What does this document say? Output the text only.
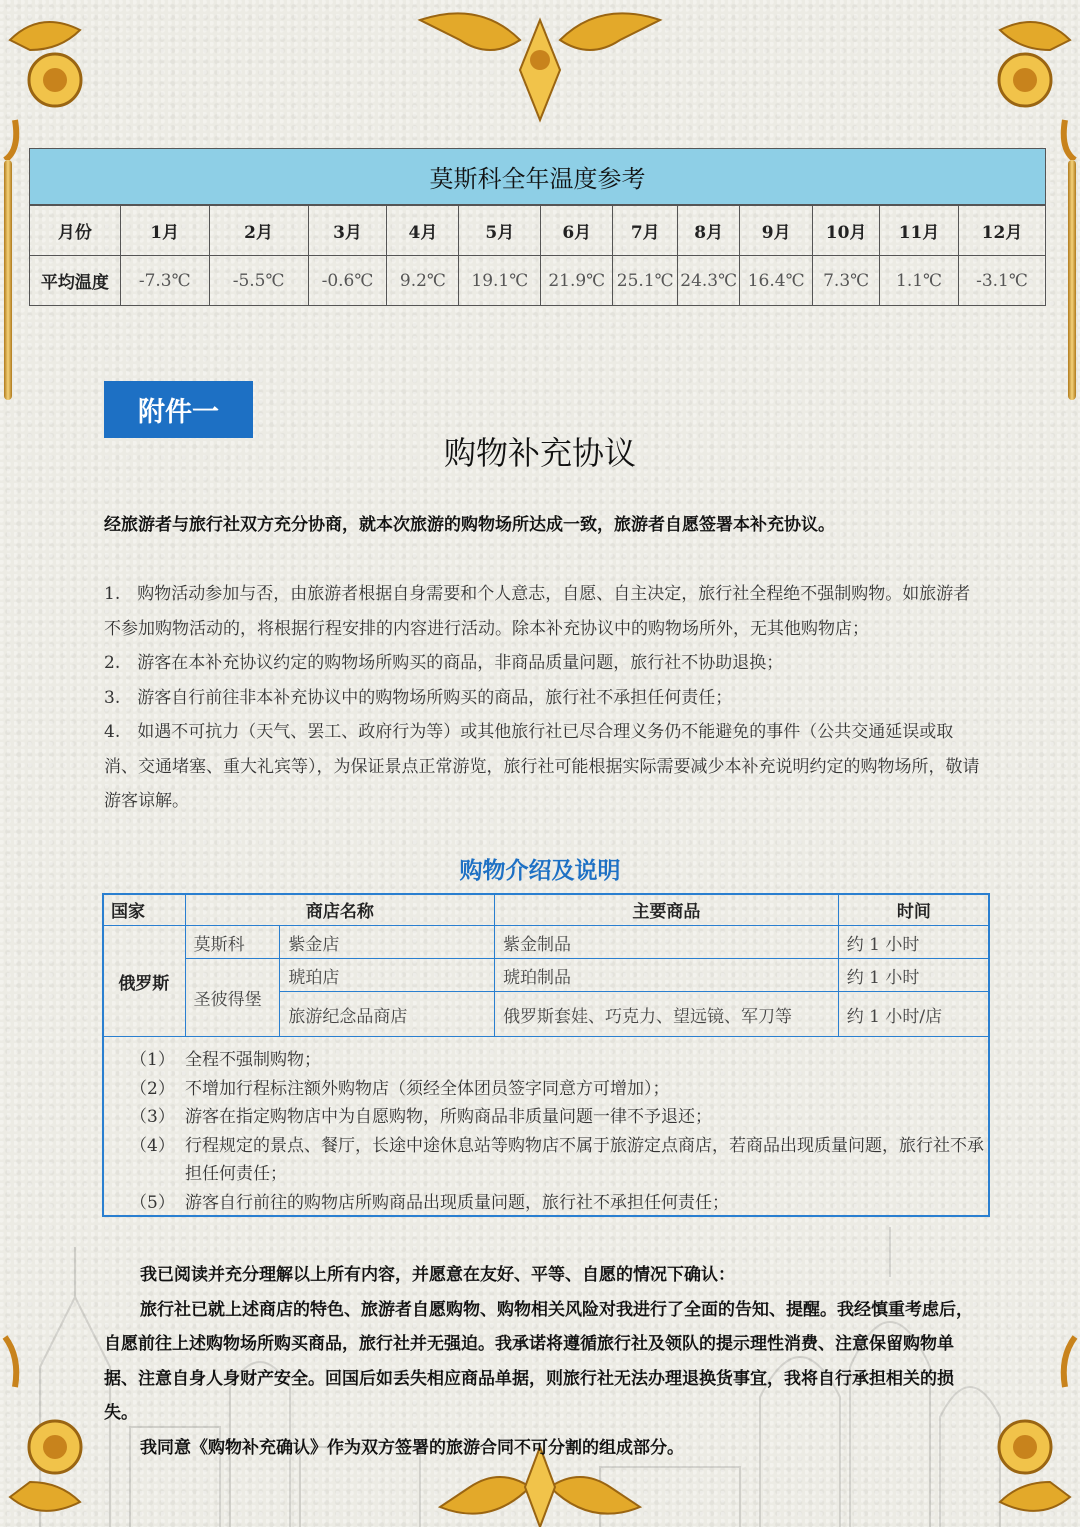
莫斯科全年温度参考
月份	1月	2月	3月	4月	5月	6月	7月	8月	9月	10月	11月	12月
平均温度	-7.3℃	-5.5℃	-0.6℃	9.2℃	19.1℃	21.9℃	25.1℃	24.3℃	16.4℃	7.3℃	1.1℃	-3.1℃
附件一
购物补充协议
经旅游者与旅行社双方充分协商，就本次旅游的购物场所达成一致，旅游者自愿签署本补充协议。

1.　购物活动参加与否，由旅游者根据自身需要和个人意志，自愿、自主决定，旅行社全程绝不强制购物。如旅游者不参加购物活动的，将根据行程安排的内容进行活动。除本补充协议中的购物场所外，无其他购物店；

2.　游客在本补充协议约定的购物场所购买的商品，非商品质量问题，旅行社不协助退换；

3.　游客自行前往非本补充协议中的购物场所购买的商品，旅行社不承担任何责任；

4.　如遇不可抗力（天气、罢工、政府行为等）或其他旅行社已尽合理义务仍不能避免的事件（公共交通延误或取消、交通堵塞、重大礼宾等），为保证景点正常游览，旅行社可能根据实际需要减少本补充说明约定的购物场所，敬请游客谅解。

购物介绍及说明
国家	商店名称		主要商品	时间
俄罗斯	莫斯科	紫金店	紫金制品	约 1 小时
	圣彼得堡	琥珀店	琥珀制品	约 1 小时
		旅游纪念品商店	俄罗斯套娃、巧克力、望远镜、军刀等	约 1 小时/店
（1） 全程不强制购物；
（2） 不增加行程标注额外购物店（须经全体团员签字同意方可增加）；
（3） 游客在指定购物店中为自愿购物，所购商品非质量问题一律不予退还；
（4） 行程规定的景点、餐厅，长途中途休息站等购物店不属于旅游定点商店，若商品出现质量问题，旅行社不承担任何责任；
（5） 游客自行前往的购物店所购商品出现质量问题，旅行社不承担任何责任；

我已阅读并充分理解以上所有内容，并愿意在友好、平等、自愿的情况下确认：

旅行社已就上述商店的特色、旅游者自愿购物、购物相关风险对我进行了全面的告知、提醒。我经慎重考虑后，自愿前往上述购物场所购买商品，旅行社并无强迫。我承诺将遵循旅行社及领队的提示理性消费、注意保留购物单据、注意自身人身财产安全。回国后如丢失相应商品单据，则旅行社无法办理退换货事宜，我将自行承担相关的损失。

我同意《购物补充确认》作为双方签署的旅游合同不可分割的组成部分。
